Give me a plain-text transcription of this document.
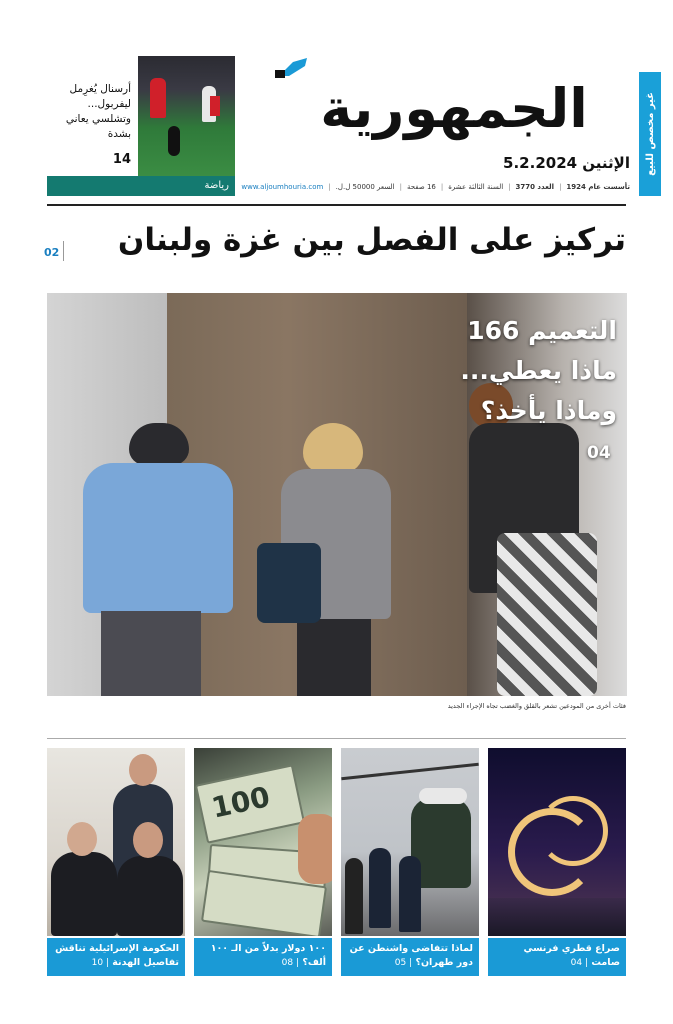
غير مخصص للبيع
الجمهورية
الإثنين 5.2.2024
تأسست عام 1924
|
العدد 3770
|
السنة الثالثة عشرة
|
16 صفحة
|
السعر 50000 ل.ل.
|
www.aljoumhouria.com
أرسنال يُغرِمل ليفربول... وتشلسي يعاني بشدة
14
رياضة
تركيز على الفصل بين غزة ولبنان
02
التعميم 166
ماذا يعطي...
وماذا يأخذ؟
04
فئات أخرى من المودعين تشعر بالقلق والغضب تجاه الإجراء الجديد
صراع قطري فرنسي صامت | 04
لماذا تتفاضى واشنطن عن دور طهران؟ | 05
100
١٠٠ دولار بدلاً من الـ ١٠٠ ألف؟ | 08
الحكومة الإسرائيلية تناقش تفاصيل الهدنة | 10
